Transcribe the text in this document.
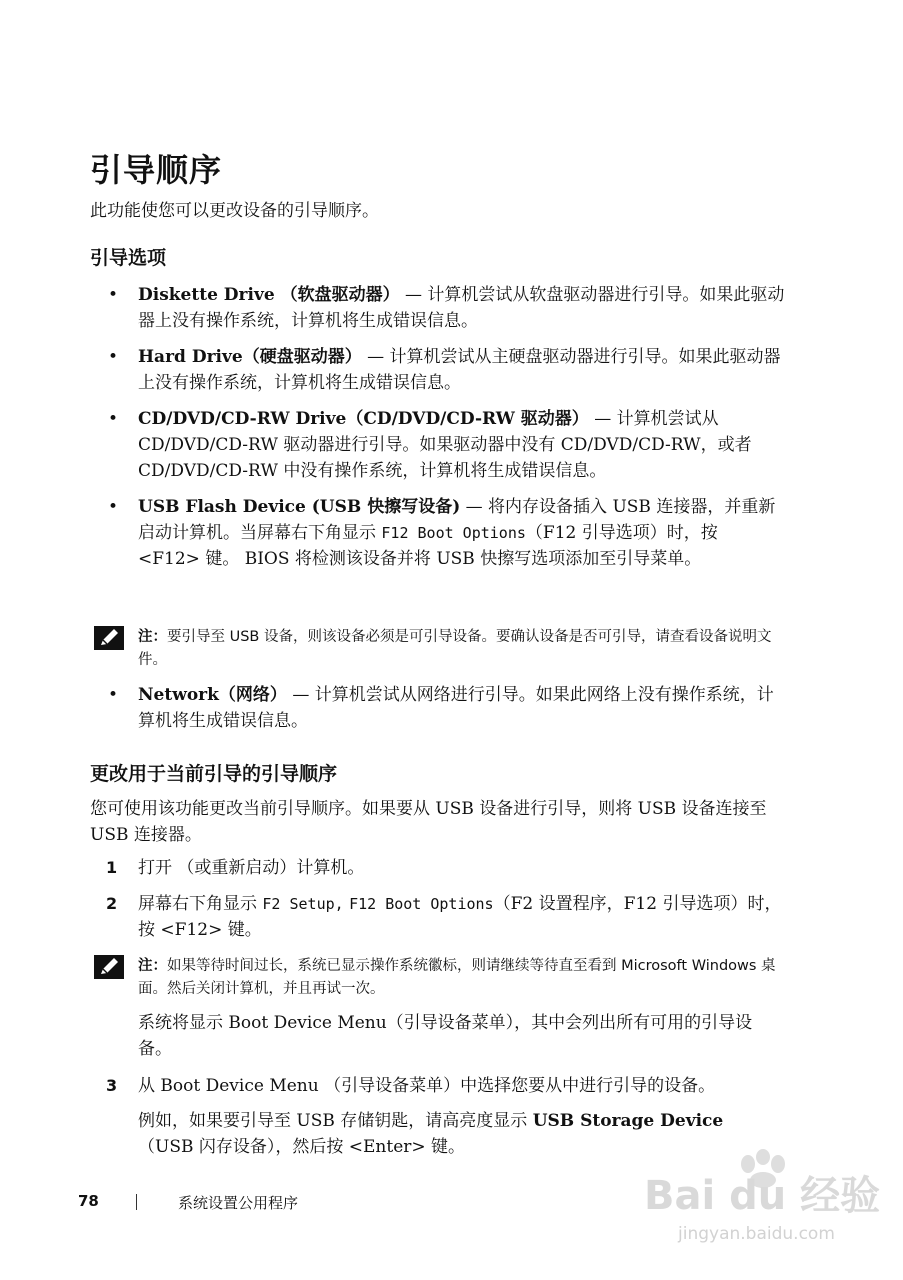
引导顺序
此功能使您可以更改设备的引导顺序。
引导选项
• Diskette Drive （软盘驱动器） — 计算机尝试从软盘驱动器进行引导。如果此驱动器上没有操作系统，计算机将生成错误信息。
• Hard Drive（硬盘驱动器） — 计算机尝试从主硬盘驱动器进行引导。如果此驱动器上没有操作系统，计算机将生成错误信息。
• CD/DVD/CD-RW Drive（CD/DVD/CD-RW 驱动器） — 计算机尝试从 CD/DVD/CD-RW 驱动器进行引导。如果驱动器中没有 CD/DVD/CD-RW，或者 CD/DVD/CD-RW 中没有操作系统，计算机将生成错误信息。
• USB Flash Device (USB 快擦写设备) — 将内存设备插入 USB 连接器，并重新启动计算机。当屏幕右下角显示 F12 Boot Options（F12 引导选项）时，按 <F12> 键。 BIOS 将检测该设备并将 USB 快擦写选项添加至引导菜单。
注：要引导至 USB 设备，则该设备必须是可引导设备。要确认设备是否可引导，请查看设备说明文件。
• Network（网络） — 计算机尝试从网络进行引导。如果此网络上没有操作系统，计算机将生成错误信息。
更改用于当前引导的引导顺序

您可使用该功能更改当前引导顺序。如果要从 USB 设备进行引导，则将 USB 设备连接至 USB 连接器。

1	打开 （或重新启动）计算机。
2	屏幕右下角显示 F2 Setup, F12 Boot Options（F2 设置程序，F12 引导选项）时，按 <F12> 键。
注：如果等待时间过长，系统已显示操作系统徽标，则请继续等待直至看到 Microsoft Windows 桌面。然后关闭计算机，并且再试一次。

系统将显示 Boot Device Menu（引导设备菜单），其中会列出所有可用的引导设备。

3	从 Boot Device Menu （引导设备菜单）中选择您要从中进行引导的设备。

例如，如果要引导至 USB 存储钥匙，请高亮度显示 USB Storage Device （USB 闪存设备），然后按 <Enter> 键。

78	系统设置公用程序	Bai du 经验
jingyan.baidu.com
